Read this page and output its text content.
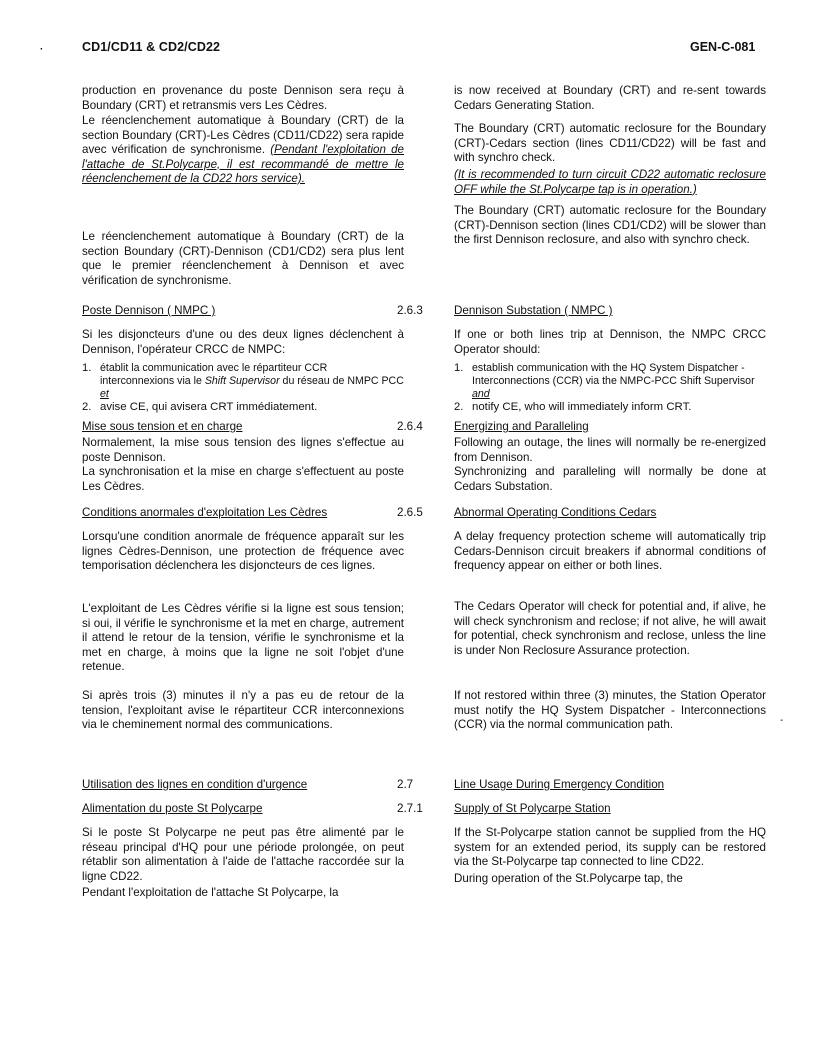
·	CD1/CD11 & CD2/CD22	GEN-C-081
-

production en provenance du poste Dennison sera reçu à Boundary (CRT) et retransmis vers Les Cèdres.

Le réenclenchement automatique à Boundary (CRT) de la section Boundary (CRT)-Les Cèdres (CD11/CD22) sera rapide avec vérification de synchronisme. (Pendant l'exploitation de l'attache de St.Polycarpe, il est recommandé de mettre le réenclenchement de la CD22 hors service).

Le réenclenchement automatique à Boundary (CRT) de la section Boundary (CRT)-Dennison (CD1/CD2) sera plus lent que le premier réenclenchement à Dennison et avec vérification de synchronisme.

Poste Dennison ( NMPC )

Si les disjoncteurs d'une ou des deux lignes déclenchent à Dennison, l'opérateur CRCC de NMPC:

1. établit la communication avec le répartiteur CCR interconnexions via le Shift Supervisor du réseau de NMPC PCC et
2. avise CE, qui avisera CRT immédiatement.

Mise sous tension et en charge

Normalement, la mise sous tension des lignes s'effectue au poste Dennison.

La synchronisation et la mise en charge s'effectuent au poste Les Cèdres.

Conditions anormales d'exploitation Les Cèdres

Lorsqu'une condition anormale de fréquence apparaît sur les lignes Cèdres-Dennison, une protection de fréquence avec temporisation déclenchera les disjoncteurs de ces lignes.

L'exploitant de Les Cèdres vérifie si la ligne est sous tension; si oui, il vérifie le synchronisme et la met en charge, autrement il attend le retour de la tension, vérifie le synchronisme et la met en charge, à moins que la ligne ne soit l'objet d'une retenue.

Si après trois (3) minutes il n'y a pas eu de retour de la tension, l'exploitant avise le répartiteur CCR interconnexions via le cheminement normal des communications.

Utilisation des lignes en condition d'urgence

Alimentation du poste St Polycarpe

Si le poste St Polycarpe ne peut pas être alimenté par le réseau principal d'HQ pour une période prolongée, on peut rétablir son alimentation à l'aide de l'attache raccordée sur la ligne CD22.

Pendant l'exploitation de l'attache St Polycarpe, la

2.6.3
2.6.4
2.6.5
2.7
2.7.1

is now received at Boundary (CRT) and re-sent towards Cedars Generating Station.

The Boundary (CRT) automatic reclosure for the Boundary (CRT)-Cedars section (lines CD11/CD22) will be fast and with synchro check.

(It is recommended to turn circuit CD22 automatic reclosure OFF while the St.Polycarpe tap is in operation.)

The Boundary (CRT) automatic reclosure for the Boundary (CRT)-Dennison section (lines CD1/CD2) will be slower than the first Dennison reclosure, and also with synchro check.

Dennison Substation ( NMPC )

If one or both lines trip at Dennison, the NMPC CRCC Operator should:

1. establish communication with the HQ System Dispatcher - Interconnections (CCR) via the NMPC-PCC Shift Supervisor and
2. notify CE, who will immediately inform CRT.

Energizing and Paralleling

Following an outage, the lines will normally be re-energized from Dennison.

Synchronizing and paralleling will normally be done at Cedars Substation.

Abnormal Operating Conditions Cedars

A delay frequency protection scheme will automatically trip Cedars-Dennison circuit breakers if abnormal conditions of frequency appear on either or both lines.

The Cedars Operator will check for potential and, if alive, he will check synchronism and reclose; if not alive, he will await for potential, check synchronism and reclose, unless the line is under Non Reclosure Assurance protection.

If not restored within three (3) minutes, the Station Operator must notify the HQ System Dispatcher - Interconnections (CCR) via the normal communication path.

Line Usage During Emergency Condition

Supply of St Polycarpe Station

If the St-Polycarpe station cannot be supplied from the HQ system for an extended period, its supply can be restored via the St-Polycarpe tap connected to line CD22.

During operation of the St.Polycarpe tap, the
